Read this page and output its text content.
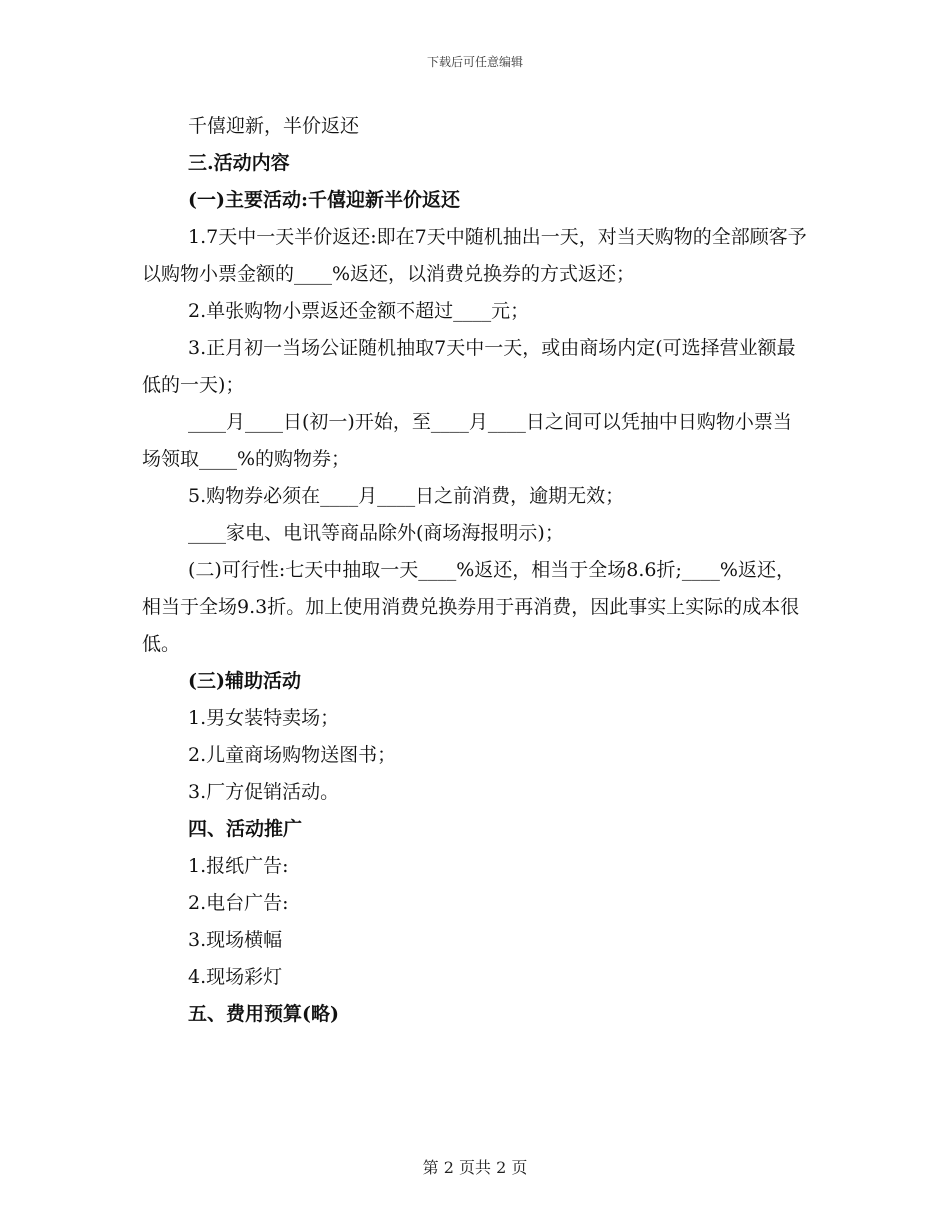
下载后可任意编辑

千僖迎新，半价返还

三.活动内容

(一)主要活动:千僖迎新半价返还

1.7天中一天半价返还:即在7天中随机抽出一天，对当天购物的全部顾客予以购物小票金额的____%返还，以消费兑换券的方式返还；

2.单张购物小票返还金额不超过____元；

3.正月初一当场公证随机抽取7天中一天，或由商场内定(可选择营业额最低的一天)；

____月____日(初一)开始，至____月____日之间可以凭抽中日购物小票当场领取____%的购物券；

5.购物券必须在____月____日之前消费，逾期无效；

____家电、电讯等商品除外(商场海报明示)；

(二)可行性:七天中抽取一天____%返还，相当于全场8.6折;____%返还，相当于全场9.3折。加上使用消费兑换券用于再消费，因此事实上实际的成本很低。

(三)辅助活动

1.男女装特卖场；

2.儿童商场购物送图书；

3.厂方促销活动。

四、活动推广

1.报纸广告:

2.电台广告:

3.现场横幅

4.现场彩灯

五、费用预算(略)

第 2 页共 2 页
